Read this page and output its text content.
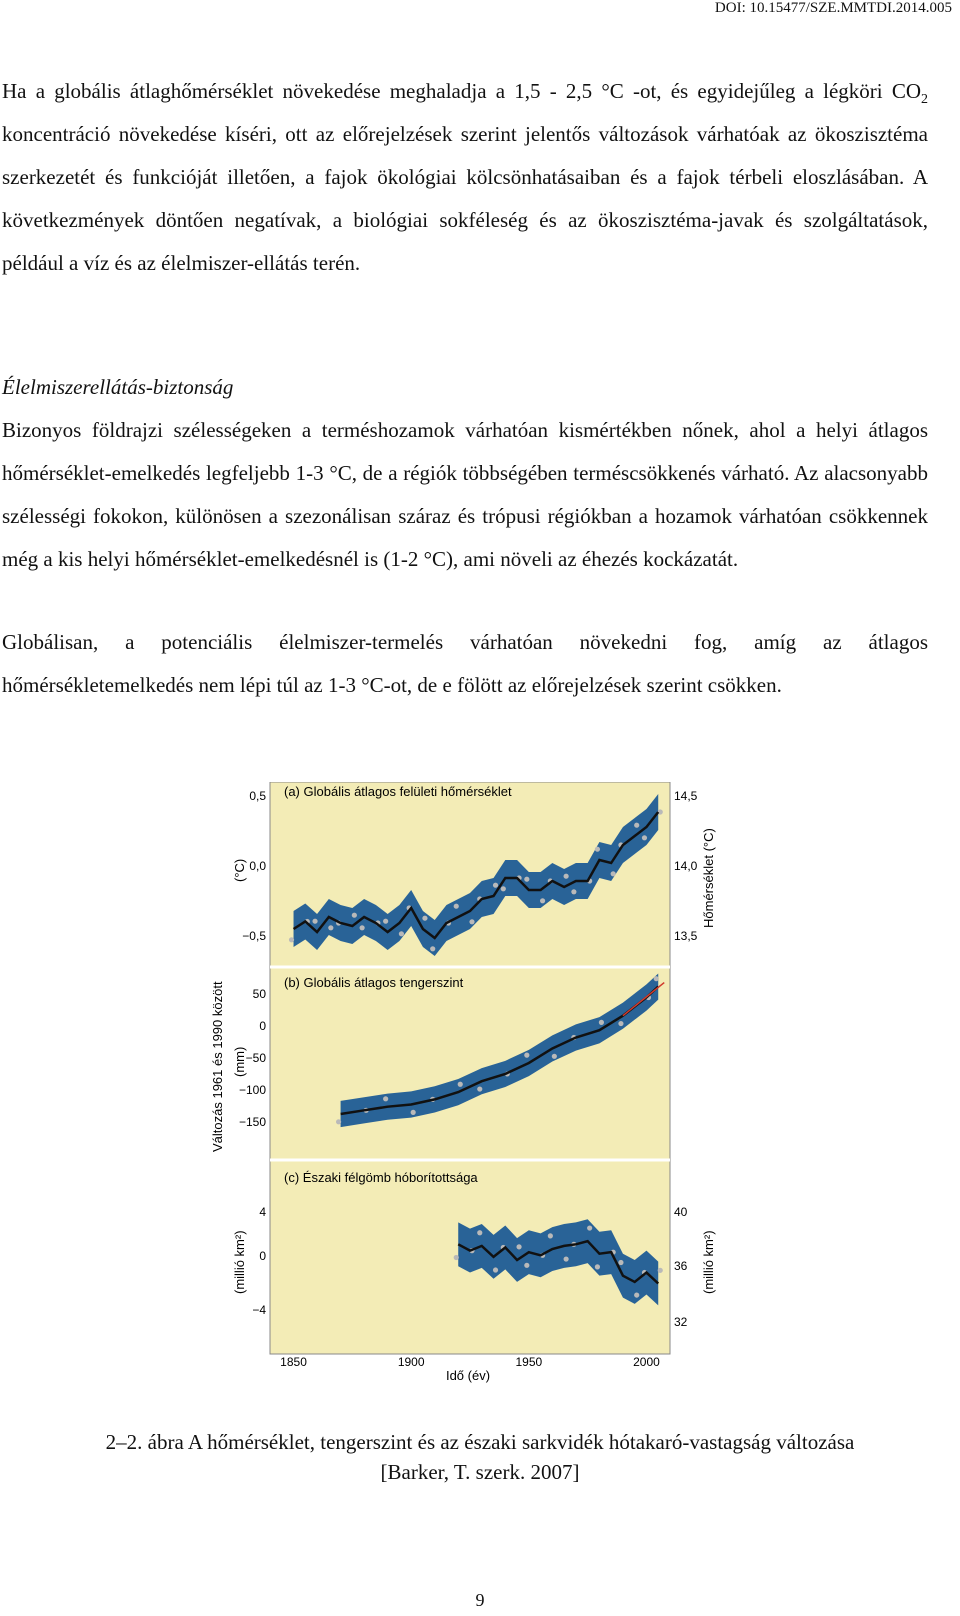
DOI: 10.15477/SZE.MMTDI.2014.005
Ha a globális átlaghőmérséklet növekedése meghaladja a 1,5 - 2,5 °C -ot, és egyidejűleg a légköri $CO_2$ koncentráció növekedése kíséri, ott az előrejelzések szerint jelentős változások várhatóak az ökoszisztéma szerkezetét és funkcióját illetően, a fajok ökológiai kölcsönhatásaiban és a fajok térbeli eloszlásában. A következmények döntően negatívak, a biológiai sokféleség és az ökoszisztéma-javak és szolgáltatások, például a víz és az élelmiszer-ellátás terén.
Élelmiszerellátás-biztonság
Bizonyos földrajzi szélességeken a terméshozamok várhatóan kismértékben nőnek, ahol a helyi átlagos hőmérséklet-emelkedés legfeljebb 1-3 °C, de a régiók többségében terméscsökkenés várható. Az alacsonyabb szélességi fokokon, különösen a szezonálisan száraz és trópusi régiókban a hozamok várhatóan csökkennek még a kis helyi hőmérséklet-emelkedésnél is (1-2 °C), ami növeli az éhezés kockázatát.
Globálisan, a potenciális élelmiszer-termelés várhatóan növekedni fog, amíg az átlagos hőmérsékletemelkedés nem lépi túl az 1-3 °C-ot, de e fölött az előrejelzések szerint csökken.
0,5
0,0
−0,5
14,5
14,0
13,5
50
0
−50
−100
−150
4
0
−4
40
36
32
1850	1900	1950	2000
(a) Globális átlagos felületi hőmérséklet
(b) Globális átlagos tengerszint
(c) Északi félgömb hóborítottsága
(°C)	Hőmérséklet (°C)
Változás 1961 és 1990 között (mm)
(millió km²)	(millió km²)
Idő (év)
2–2. ábra A hőmérséklet, tengerszint és az északi sarkvidék hótakaró-vastagság változása
[Barker, T. szerk. 2007]
9
